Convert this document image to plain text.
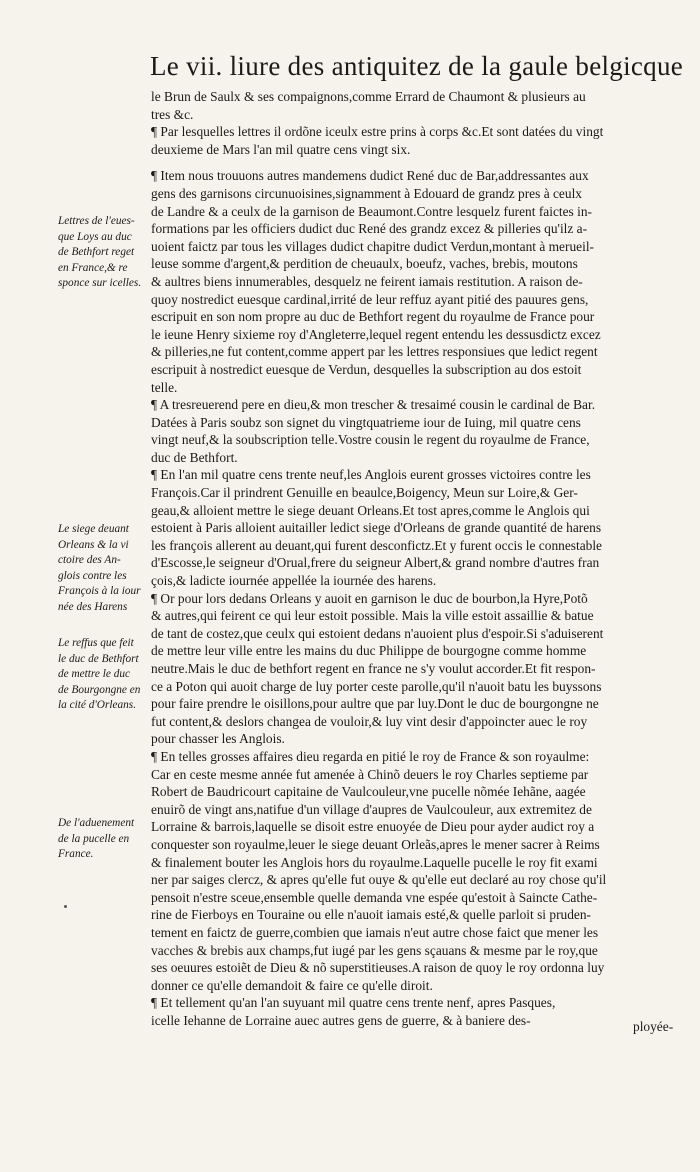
Le vii. liure des antiquitez de la gaule belgicque
le Brun de Saulx & ses compaignons,comme Errard de Chaumont & plusieurs au
tres &c.
¶ Par lesquelles lettres il ordõne iceulx estre prins à corps &c.Et sont datées du vingt
deuxieme de Mars l'an mil quatre cens vingt six.
¶ Item nous trouuons autres mandemens dudict René duc de Bar,addressantes aux
gens des garnisons circunuoisines,signamment à Edouard de grandz pres à ceulx
de Landre & a ceulx de la garnison de Beaumont.Contre lesquelz furent faictes in-
formations par les officiers dudict duc René des grandz excez & pilleries qu'ilz a-
uoient faictz par tous les villages dudict chapitre dudict Verdun,montant à merueil-
leuse somme d'argent,& perdition de cheuaulx, boeufz, vaches, brebis, moutons
& aultres biens innumerables, desquelz ne feirent iamais restitution. A raison de-
quoy nostredict euesque cardinal,irrité de leur reffuz ayant pitié des pauures gens,
escripuit en son nom propre au duc de Bethfort regent du royaulme de France pour
le ieune Henry sixieme roy d'Angleterre,lequel regent entendu les dessusdictz excez
& pilleries,ne fut content,comme appert par les lettres responsiues que ledict regent
escripuit à nostredict euesque de Verdun, desquelles la subscription au dos estoit
telle.
¶ A tresreuerend pere en dieu,& mon trescher & tresaimé cousin le cardinal de Bar.
Datées à Paris soubz son signet du vingtquatrieme iour de Iuing, mil quatre cens
vingt neuf,& la soubscription telle.Vostre cousin le regent du royaulme de France,
duc de Bethfort.
¶ En l'an mil quatre cens trente neuf,les Anglois eurent grosses victoires contre les
François.Car il prindrent Genuille en beaulce,Boigency, Meun sur Loire,& Ger-
geau,& alloient mettre le siege deuant Orleans.Et tost apres,comme le Anglois qui
estoient à Paris alloient auitailler ledict siege d'Orleans de grande quantité de harens
les françois allerent au deuant,qui furent desconfictz.Et y furent occis le connestable
d'Escosse,le seigneur d'Orual,frere du seigneur Albert,& grand nombre d'autres fran
çois,& ladicte iournée appellée la iournée des harens.
¶ Or pour lors dedans Orleans y auoit en garnison le duc de bourbon,la Hyre,Potõ
& autres,qui feirent ce qui leur estoit possible. Mais la ville estoit assaillie & batue
de tant de costez,que ceulx qui estoient dedans n'auoient plus d'espoir.Si s'aduiserent
de mettre leur ville entre les mains du duc Philippe de bourgogne comme homme
neutre.Mais le duc de bethfort regent en france ne s'y voulut accorder.Et fit respon-
ce a Poton qui auoit charge de luy porter ceste parolle,qu'il n'auoit batu les buyssons
pour faire prendre le oisillons,pour aultre que par luy.Dont le duc de bourgongne ne
fut content,& deslors changea de vouloir,& luy vint desir d'appoincter auec le roy
pour chasser les Anglois.
¶ En telles grosses affaires dieu regarda en pitié le roy de France & son royaulme:
Car en ceste mesme année fut amenée à Chinõ deuers le roy Charles septieme par
Robert de Baudricourt capitaine de Vaulcouleur,vne pucelle nõmée Iehãne, aagée
enuirõ de vingt ans,natifue d'un village d'aupres de Vaulcouleur, aux extremitez de
Lorraine & barrois,laquelle se disoit estre enuoyée de Dieu pour ayder audict roy a
conquester son royaulme,leuer le siege deuant Orleãs,apres le mener sacrer à Reims
& finalement bouter les Anglois hors du royaulme.Laquelle pucelle le roy fit exami
ner par saiges clercz, & apres qu'elle fut ouye & qu'elle eut declaré au roy chose qu'il
pensoit n'estre sceue,ensemble quelle demanda vne espée qu'estoit à Saincte Cathe-
rine de Fierboys en Touraine ou elle n'auoit iamais esté,& quelle parloit si pruden-
tement en faictz de guerre,combien que iamais n'eut autre chose faict que mener les
vacches & brebis aux champs,fut iugé par les gens sçauans & mesme par le roy,que
ses oeuures estoiẽt de Dieu & nõ superstitieuses.A raison de quoy le roy ordonna luy
donner ce qu'elle demandoit & faire ce qu'elle diroit.
¶ Et tellement qu'an l'an suyuant mil quatre cens trente nenf, apres Pasques,
icelle Iehanne de Lorraine auec autres gens de guerre, & à baniere des-	ployée-
Lettres de l'eues-
que Loys au duc
de Bethfort reget
en France,& re
sponce sur icelles.
Le siege deuant
Orleans & la vi
ctoire des An-
glois contre les
François à la iour
née des Harens
Le reffus que feit
le duc de Bethfort
de mettre le duc
de Bourgongne en
la cité d'Orleans.
De l'aduenement
de la pucelle en
France.
